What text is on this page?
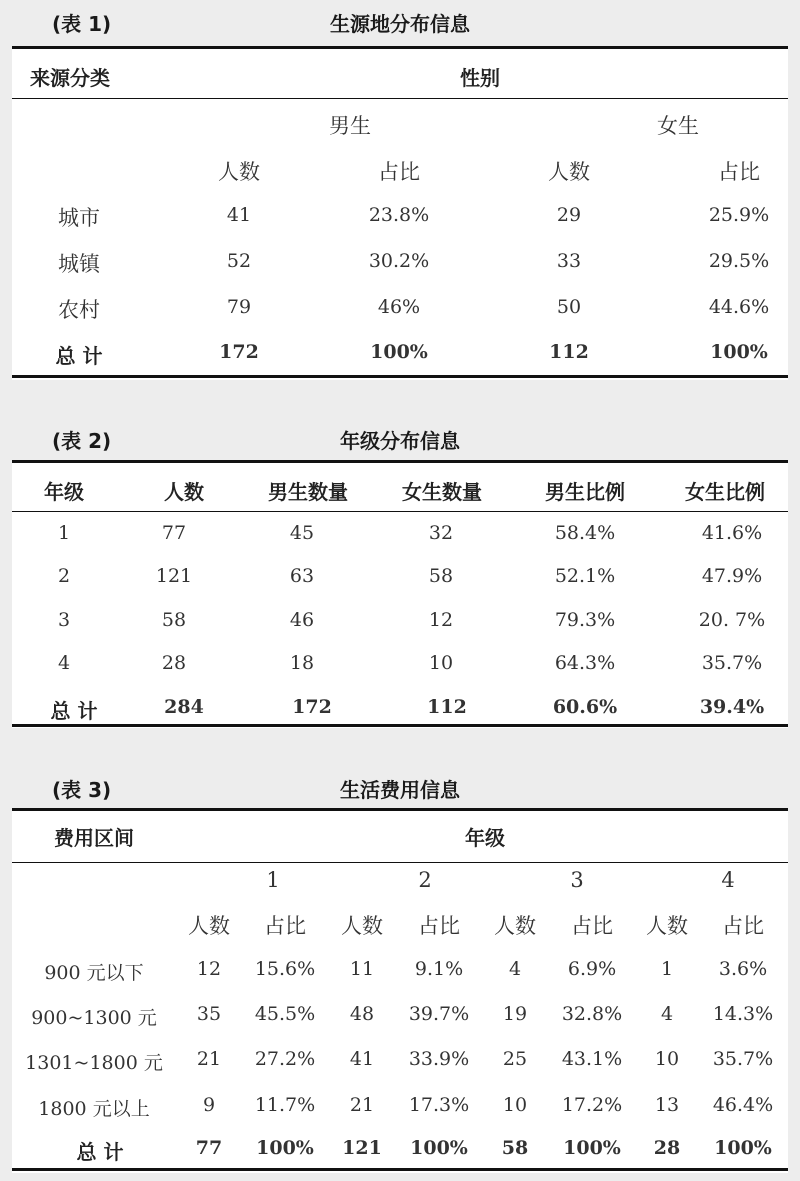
(表 1)	生源地分布信息
来源分类	性别
男生	女生
人数	占比	人数	占比
城市	41	23.8%	29	25.9%
城镇	52	30.2%	33	29.5%
农村	79	46%	50	44.6%
总 计	172	100%	112	100%
(表 2)	年级分布信息
年级	人数	男生数量	女生数量	男生比例	女生比例
1	77	45	32	58.4%	41.6%
2	121	63	58	52.1%	47.9%
3	58	46	12	79.3%	20. 7%
4	28	18	10	64.3%	35.7%
总 计	284	172	112	60.6%	39.4%
(表 3)	生活费用信息
费用区间	年级
1	2	3	4
人数 占比 人数 占比 人数 占比 人数 占比
900 元以下	12 15.6% 11 9.1% 4 6.9% 1 3.6%
900~1300 元 35 45.5% 48 39.7% 19 32.8% 4 14.3%
1301~1800 元 21 27.2% 41 33.9% 25 43.1% 10 35.7%
1800 元以上	9 11.7% 21 17.3% 10 17.2% 13 46.4%
总 计	77 100% 121 100% 58 100% 28 100%
